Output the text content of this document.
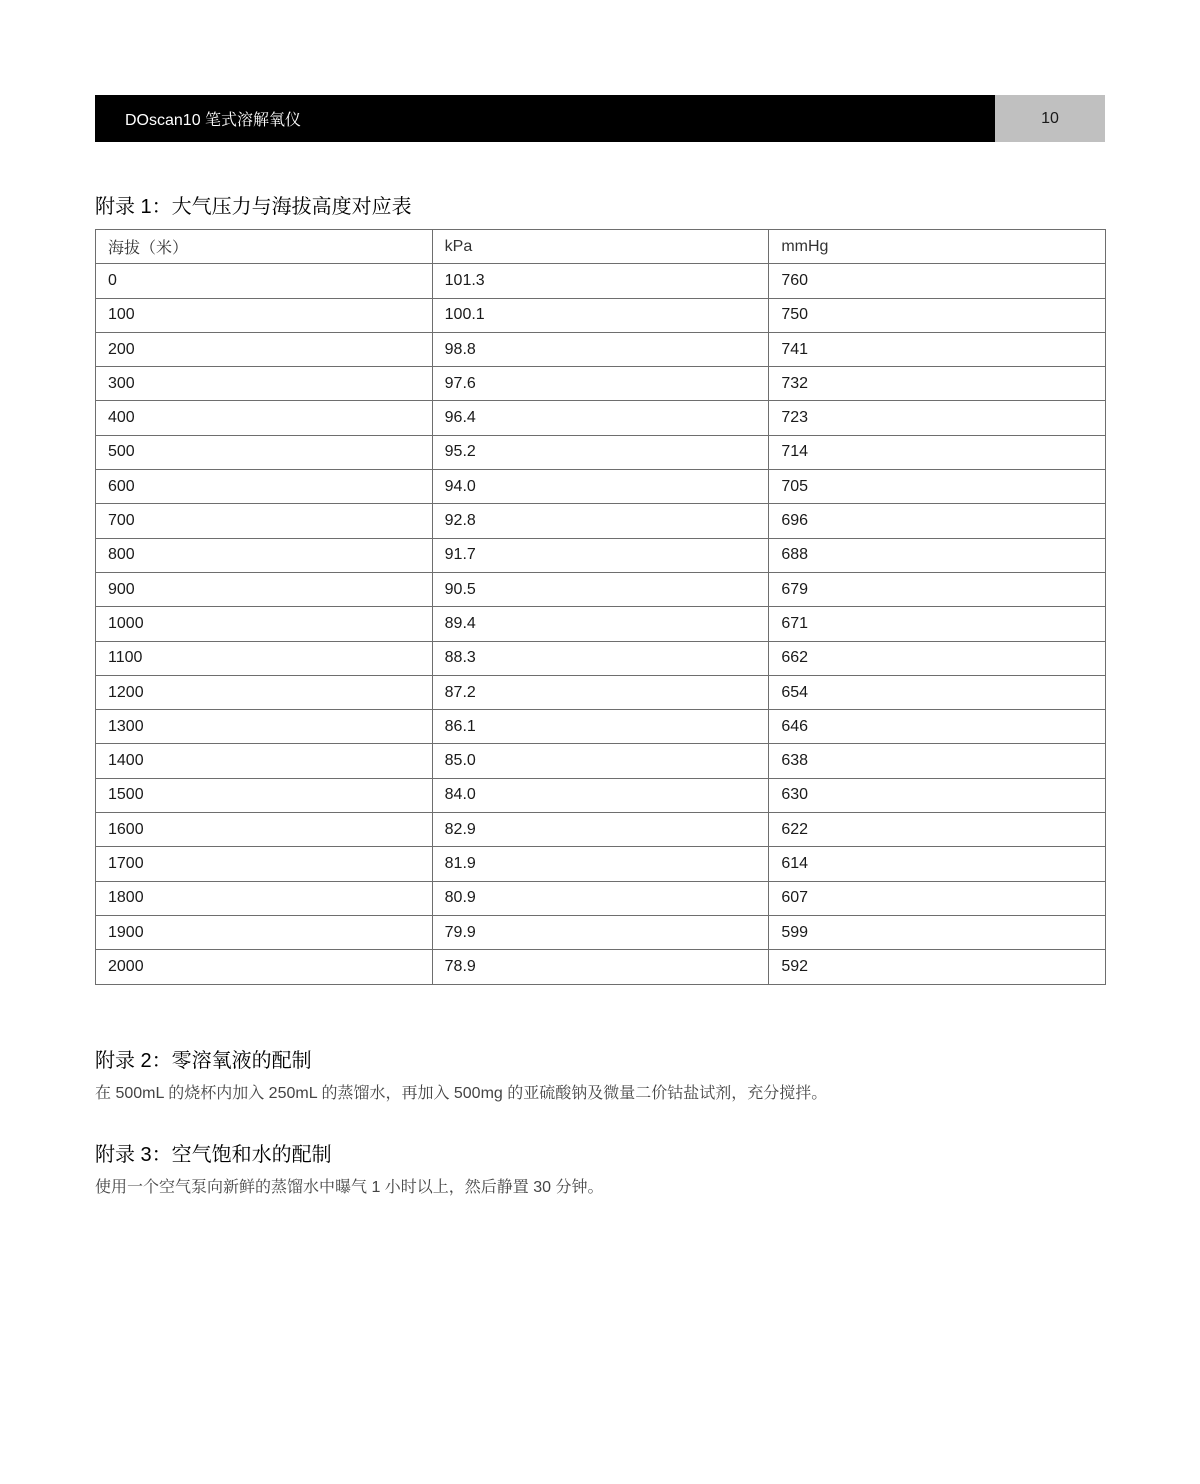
DOscan10 笔式溶解氧仪	10
附录 1：大气压力与海拔高度对应表
海拔（米）	kPa	mmHg
0	101.3	760
100	100.1	750
200	98.8	741
300	97.6	732
400	96.4	723
500	95.2	714
600	94.0	705
700	92.8	696
800	91.7	688
900	90.5	679
1000	89.4	671
1100	88.3	662
1200	87.2	654
1300	86.1	646
1400	85.0	638
1500	84.0	630
1600	82.9	622
1700	81.9	614
1800	80.9	607
1900	79.9	599
2000	78.9	592
附录 2：零溶氧液的配制
在 500mL 的烧杯内加入 250mL 的蒸馏水，再加入 500mg 的亚硫酸钠及微量二价钴盐试剂，充分搅拌。
附录 3：空气饱和水的配制
使用一个空气泵向新鲜的蒸馏水中曝气 1 小时以上，然后静置 30 分钟。
